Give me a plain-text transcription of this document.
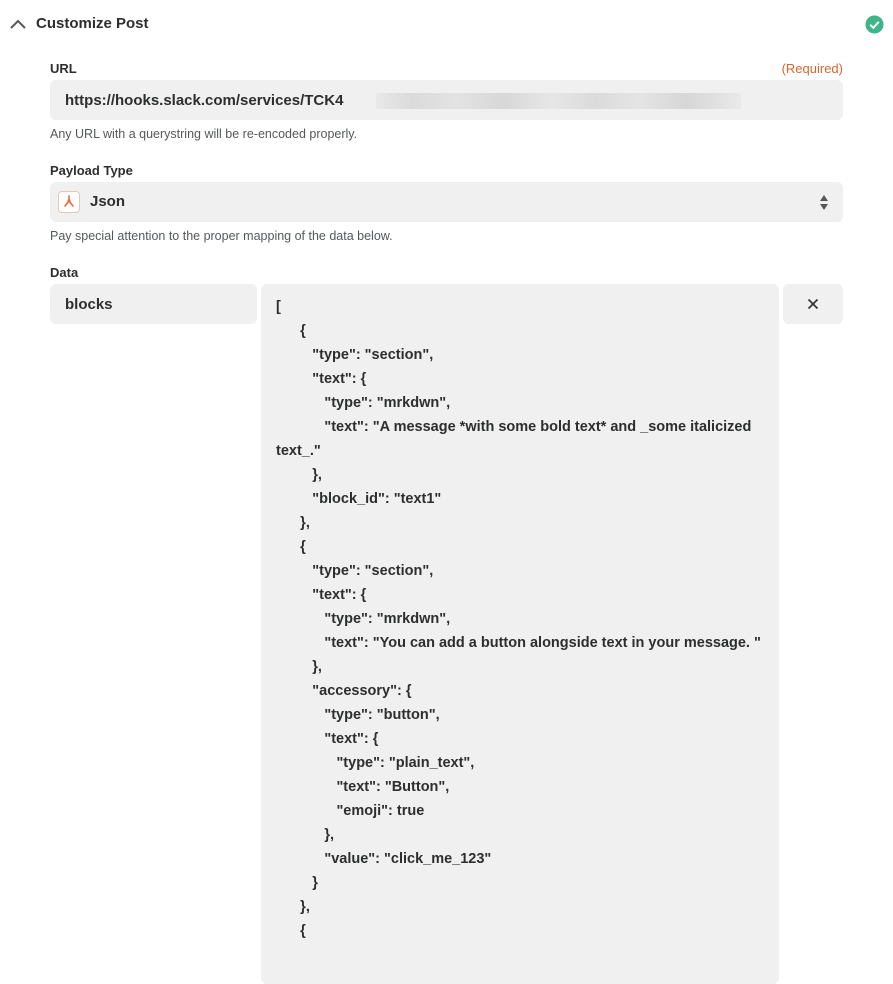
Customize Post
URL	(Required)
https://hooks.slack.com/services/TCK4
Any URL with a querystring will be re-encoded properly.
Payload Type
Json
Pay special attention to the proper mapping of the data below.
Data
blocks	[
{
"type": "section",
"text": {
"type": "mrkdwn",
"text": "A message *with some bold text* and _some italicized text_."
},
"block_id": "text1"
},
{
"type": "section",
"text": {
"type": "mrkdwn",
"text": "You can add a button alongside text in your message. "
},
"accessory": {
"type": "button",
"text": {
"type": "plain_text",
"text": "Button",
"emoji": true
},
"value": "click_me_123"
}
},
{
